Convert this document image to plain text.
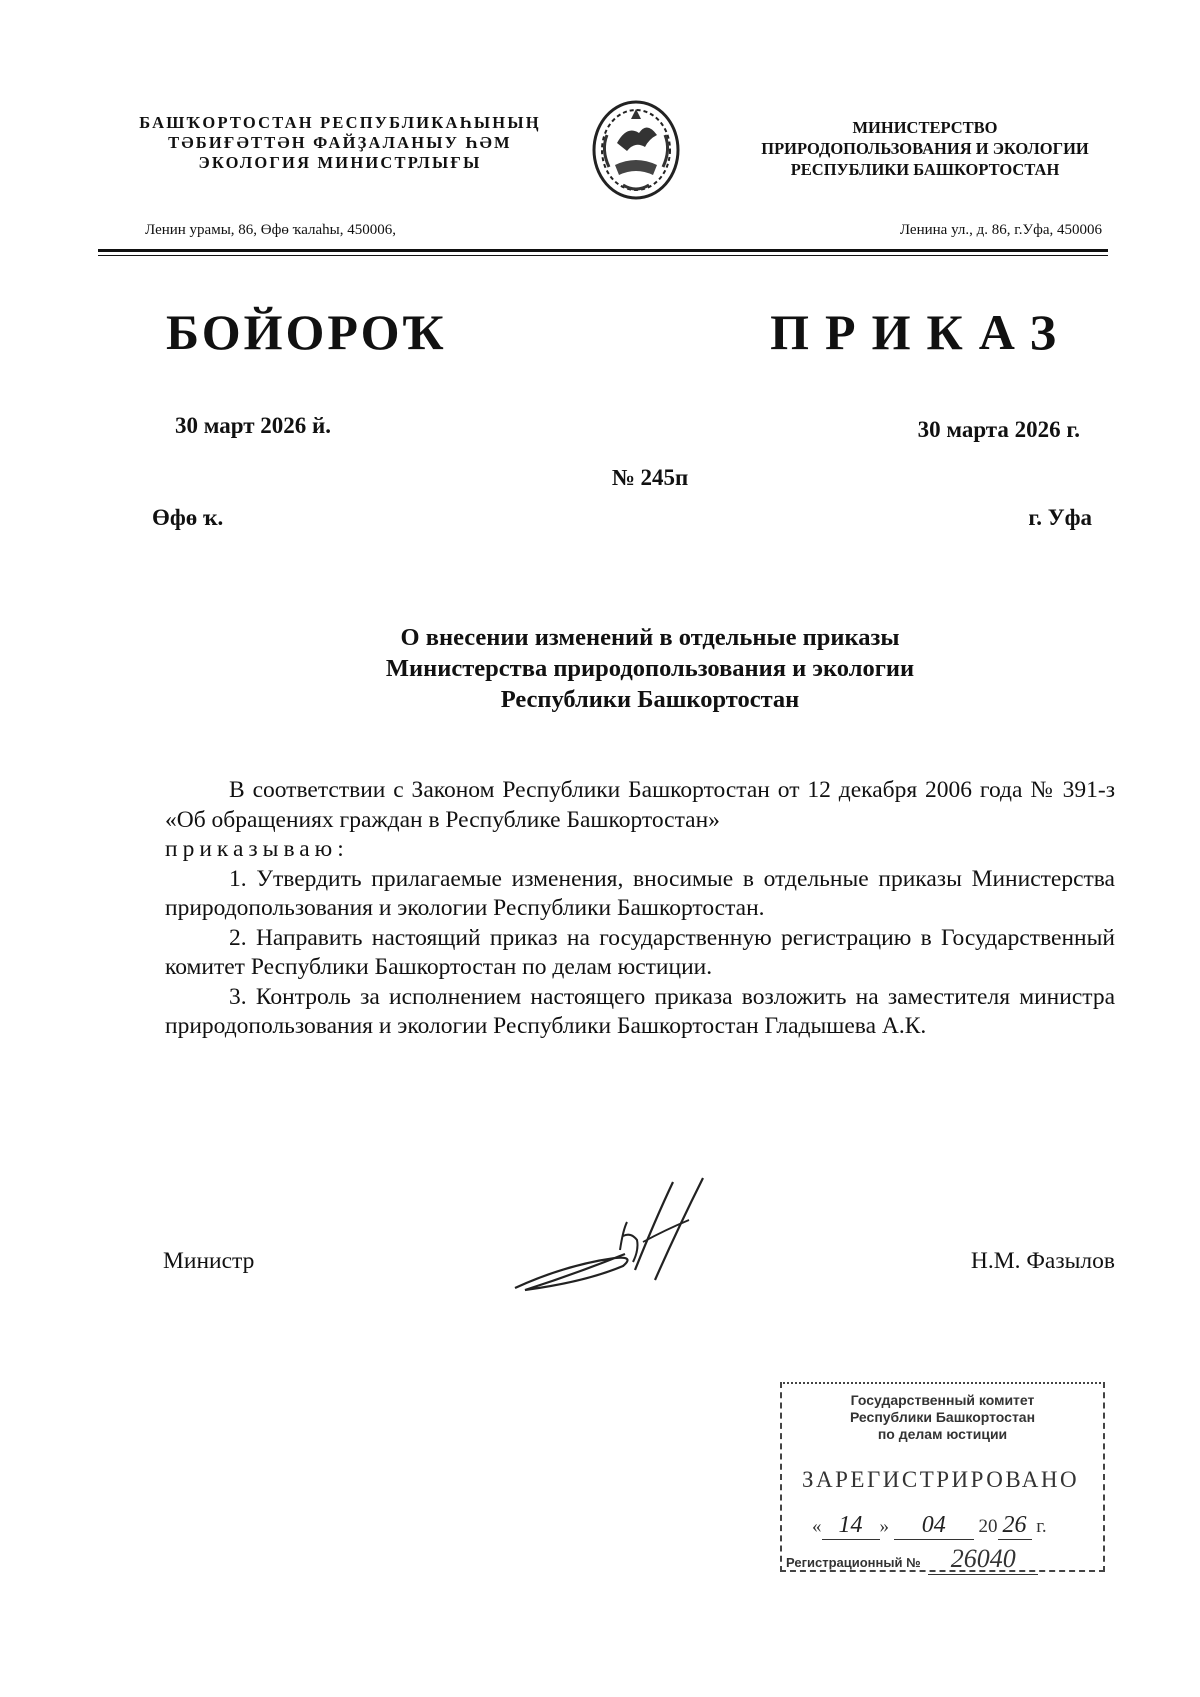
БАШҠОРТОСТАН РЕСПУБЛИКАҺЫНЫҢ
ТӘБИҒӘТТӘН ФАЙҘАЛАНЫУ ҺӘМ
ЭКОЛОГИЯ МИНИСТРЛЫҒЫ
МИНИСТЕРСТВО
ПРИРОДОПОЛЬЗОВАНИЯ И ЭКОЛОГИИ
РЕСПУБЛИКИ БАШКОРТОСТАН
Ленин урамы, 86, Өфө ҡалаһы, 450006,	Ленина ул., д. 86, г.Уфа, 450006
БОЙОРОҠ	ПРИКАЗ
30 март 2026 й.	30 марта 2026 г.
№ 245п
Өфө ҡ.	г. Уфа
О внесении изменений в отдельные приказы
Министерства природопользования и экологии
Республики Башкортостан

В соответствии с Законом Республики Башкортостан от 12 декабря 2006 года № 391-з «Об обращениях граждан в Республике Башкортостан»
приказываю:

1. Утвердить прилагаемые изменения, вносимые в отдельные приказы Министерства природопользования и экологии Республики Башкортостан.

2. Направить настоящий приказ на государственную регистрацию в Государственный комитет Республики Башкортостан по делам юстиции.

3. Контроль за исполнением настоящего приказа возложить на заместителя министра природопользования и экологии Республики Башкортостан Гладышева А.К.

Министр	Н.М. Фазылов
Государственный комитет
Республики Башкортостан
по делам юстиции
ЗАРЕГИСТРИРОВАНО
« 14 » 04 20 26 г.
Регистрационный № 26040
